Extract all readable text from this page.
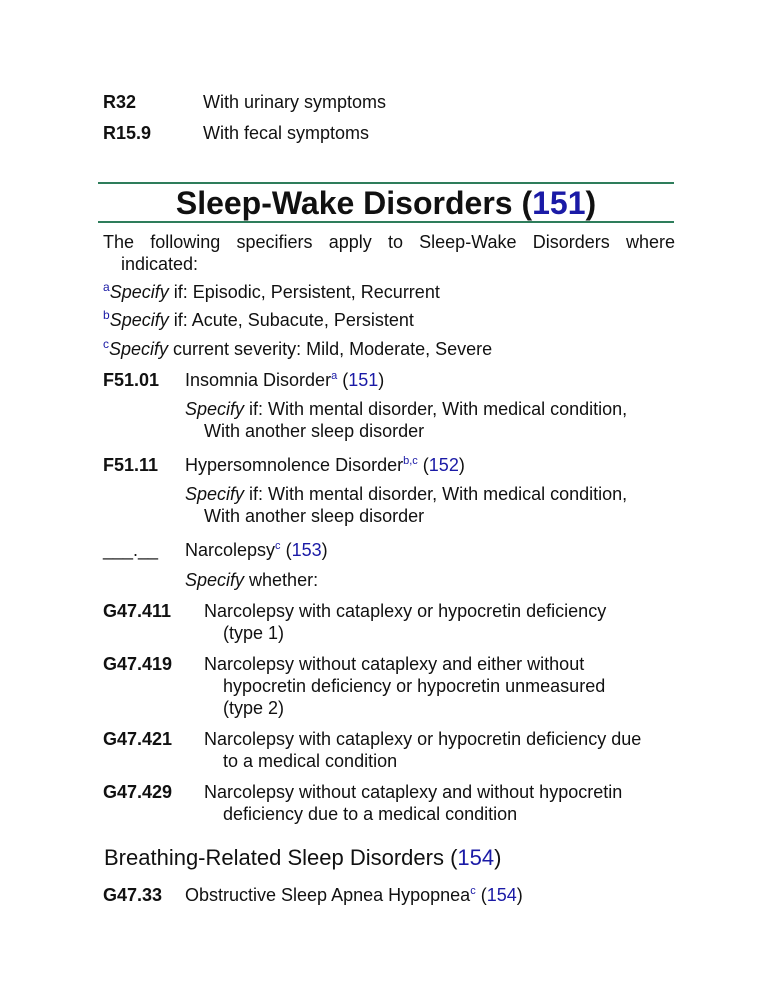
R32	With urinary symptoms
R15.9	With fecal symptoms
Sleep-Wake Disorders (151)
The following specifiers apply to Sleep-Wake Disorders where
indicated:
$^a$Specify if: Episodic, Persistent, Recurrent
$^b$Specify if: Acute, Subacute, Persistent
$^c$Specify current severity: Mild, Moderate, Severe
F51.01 Insomnia Disorder$^a$ (151)
Specify if: With mental disorder, With medical condition,
With another sleep disorder
F51.11 Hypersomnolence Disorder$^{b,c}$ (152)
Specify if: With mental disorder, With medical condition,
With another sleep disorder
___.__ Narcolepsy$^c$ (153)
Specify whether:
G47.411 Narcolepsy with cataplexy or hypocretin deficiency
(type 1)
G47.419 Narcolepsy without cataplexy and either without
hypocretin deficiency or hypocretin unmeasured
(type 2)
G47.421 Narcolepsy with cataplexy or hypocretin deficiency due
to a medical condition
G47.429 Narcolepsy without cataplexy and without hypocretin
deficiency due to a medical condition
Breathing-Related Sleep Disorders (154)
G47.33 Obstructive Sleep Apnea Hypopnea$^c$ (154)
